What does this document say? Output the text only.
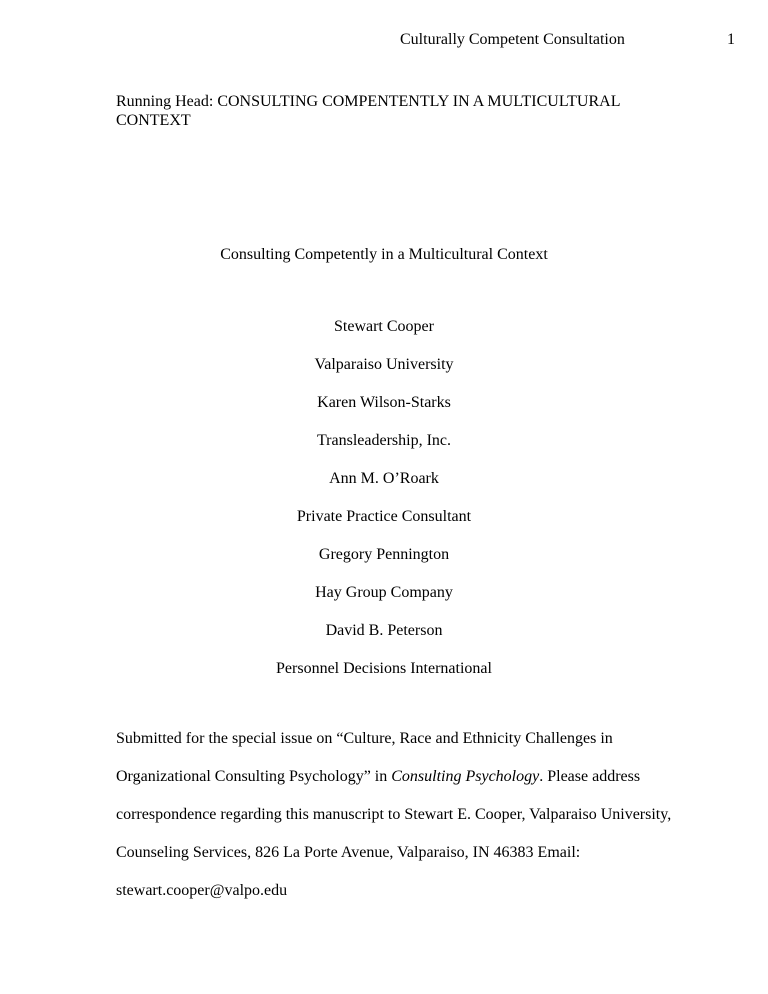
Culturally Competent Consultation	1
Running Head: CONSULTING COMPENTENTLY IN A MULTICULTURAL
CONTEXT
Consulting Competently in a Multicultural Context
Stewart Cooper
Valparaiso University
Karen Wilson-Starks
Transleadership, Inc.
Ann M. O’Roark
Private Practice Consultant
Gregory Pennington
Hay Group Company
David B. Peterson
Personnel Decisions International

Submitted for the special issue on “Culture, Race and Ethnicity Challenges in

Organizational Consulting Psychology” in Consulting Psychology. Please address

correspondence regarding this manuscript to Stewart E. Cooper, Valparaiso University,

Counseling Services, 826 La Porte Avenue, Valparaiso, IN 46383 Email:

stewart.cooper@valpo.edu
